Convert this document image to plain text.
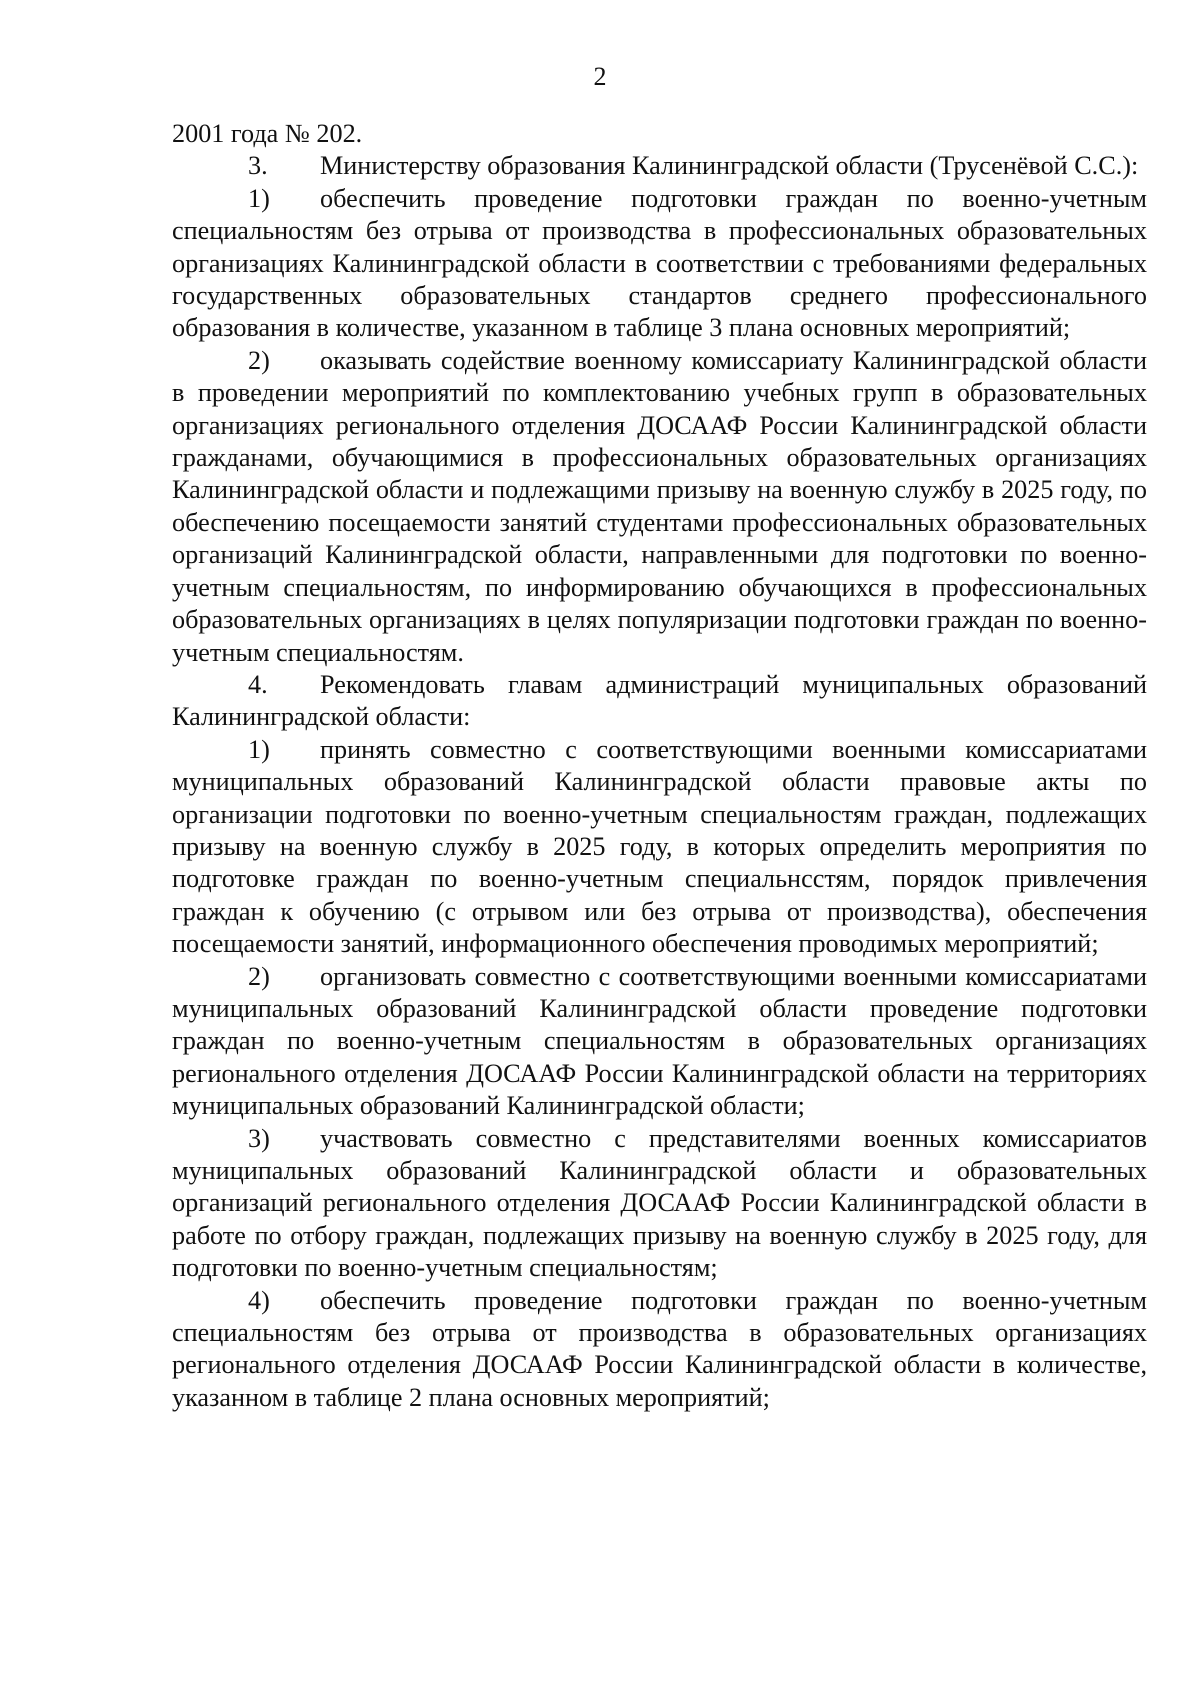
2

2001 года № 202.

3. Министерству образования Калининградской области (Трусенёвой С.С.):

1) обеспечить проведение подготовки граждан по военно-учетным специальностям без отрыва от производства в профессиональных образовательных организациях Калининградской области в соответствии с требованиями федеральных государственных образовательных стандартов среднего профессионального образования в количестве, указанном в таблице 3 плана основных мероприятий;

2) оказывать содействие военному комиссариату Калининградской области в проведении мероприятий по комплектованию учебных групп в образовательных организациях регионального отделения ДОСААФ России Калининградской области гражданами, обучающимися в профессиональных образовательных организациях Калининградской области и подлежащими призыву на военную службу в 2025 году, по обеспечению посещаемости занятий студентами профессиональных образовательных организаций Калининградской области, направленными для подготовки по военно-учетным специальностям, по информированию обучающихся в профессиональных образовательных организациях в целях популяризации подготовки граждан по военно-учетным специальностям.

4. Рекомендовать главам администраций муниципальных образований Калининградской области:

1) принять совместно с соответствующими военными комиссариатами муниципальных образований Калининградской области правовые акты по организации подготовки по военно-учетным специальностям граждан, подлежащих призыву на военную службу в 2025 году, в которых определить мероприятия по подготовке граждан по военно-учетным специальнсстям, порядок привлечения граждан к обучению (с отрывом или без отрыва от производства), обеспечения посещаемости занятий, информационного обеспечения проводимых мероприятий;

2) организовать совместно с соответствующими военными комиссариатами муниципальных образований Калининградской области проведение подготовки граждан по военно-учетным специальностям в образовательных организациях регионального отделения ДОСААФ России Калининградской области на территориях муниципальных образований Калининградской области;

3) участвовать совместно с представителями военных комиссариатов муниципальных образований Калининградской области и образовательных организаций регионального отделения ДОСААФ России Калининградской области в работе по отбору граждан, подлежащих призыву на военную службу в 2025 году, для подготовки по военно-учетным специальностям;

4) обеспечить проведение подготовки граждан по военно-учетным специальностям без отрыва от производства в образовательных организациях регионального отделения ДОСААФ России Калининградской области в количестве, указанном в таблице 2 плана основных мероприятий;
